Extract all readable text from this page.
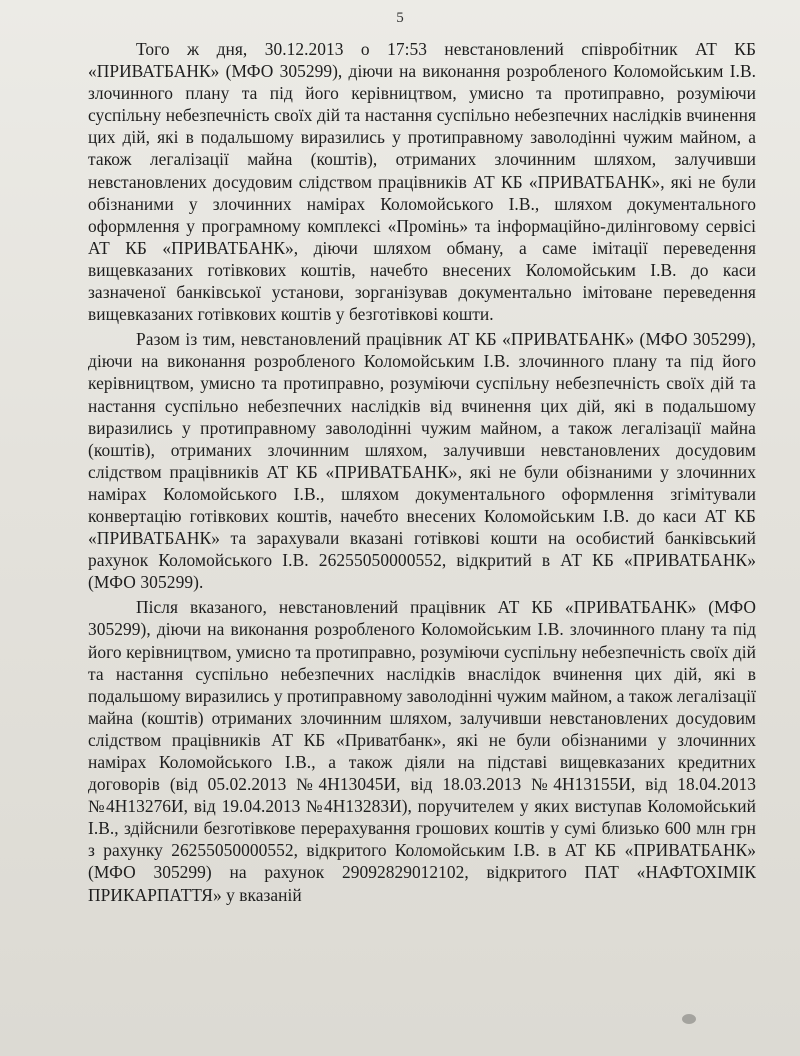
5

Того ж дня, 30.12.2013 о 17:53 невстановлений співробітник АТ КБ «ПРИВАТБАНК» (МФО 305299), діючи на виконання розробленого Коломойським І.В. злочинного плану та під його керівництвом, умисно та протиправно, розуміючи суспільну небезпечність своїх дій та настання суспільно небезпечних наслідків вчинення цих дій, які в подальшому виразились у протиправному заволодінні чужим майном, а також легалізації майна (коштів), отриманих злочинним шляхом, залучивши невстановлених досудовим слідством працівників АТ КБ «ПРИВАТБАНК», які не були обізнаними у злочинних намірах Коломойського І.В., шляхом документального оформлення у програмному комплексі «Промінь» та інформаційно-дилінговому сервісі АТ КБ «ПРИВАТБАНК», діючи шляхом обману, а саме імітації переведення вищевказаних готівкових коштів, начебто внесених Коломойським І.В. до каси зазначеної банківської установи, зорганізував документально імітоване переведення вищевказаних готівкових коштів у безготівкові кошти.

Разом із тим, невстановлений працівник АТ КБ «ПРИВАТБАНК» (МФО 305299), діючи на виконання розробленого Коломойським І.В. злочинного плану та під його керівництвом, умисно та протиправно, розуміючи суспільну небезпечність своїх дій та настання суспільно небезпечних наслідків від вчинення цих дій, які в подальшому виразились у протиправному заволодінні чужим майном, а також легалізації майна (коштів), отриманих злочинним шляхом, залучивши невстановлених досудовим слідством працівників АТ КБ «ПРИВАТБАНК», які не були обізнаними у злочинних намірах Коломойського І.В., шляхом документального оформлення згімітували конвертацію готівкових коштів, начебто внесених Коломойським І.В. до каси АТ КБ «ПРИВАТБАНК» та зарахували вказані готівкові кошти на особистий банківський рахунок Коломойського І.В. 26255050000552, відкритий в АТ КБ «ПРИВАТБАНК» (МФО 305299).

Після вказаного, невстановлений працівник АТ КБ «ПРИВАТБАНК» (МФО 305299), діючи на виконання розробленого Коломойським І.В. злочинного плану та під його керівництвом, умисно та протиправно, розуміючи суспільну небезпечність своїх дій та настання суспільно небезпечних наслідків внаслідок вчинення цих дій, які в подальшому виразились у протиправному заволодінні чужим майном, а також легалізації майна (коштів) отриманих злочинним шляхом, залучивши невстановлених досудовим слідством працівників АТ КБ «Приватбанк», які не були обізнаними у злочинних намірах Коломойського І.В., а також діяли на підставі вищевказаних кредитних договорів (від 05.02.2013 №4Н13045И, від 18.03.2013 №4Н13155И, від 18.04.2013 №4Н13276И, від 19.04.2013 №4Н13283И), поручителем у яких виступав Коломойський І.В., здійснили безготівкове перерахування грошових коштів у сумі близько 600 млн грн з рахунку 26255050000552, відкритого Коломойським І.В. в АТ КБ «ПРИВАТБАНК» (МФО 305299) на рахунок 29092829012102, відкритого ПАТ «НАФТОХІМІК ПРИКАРПАТТЯ» у вказаній
